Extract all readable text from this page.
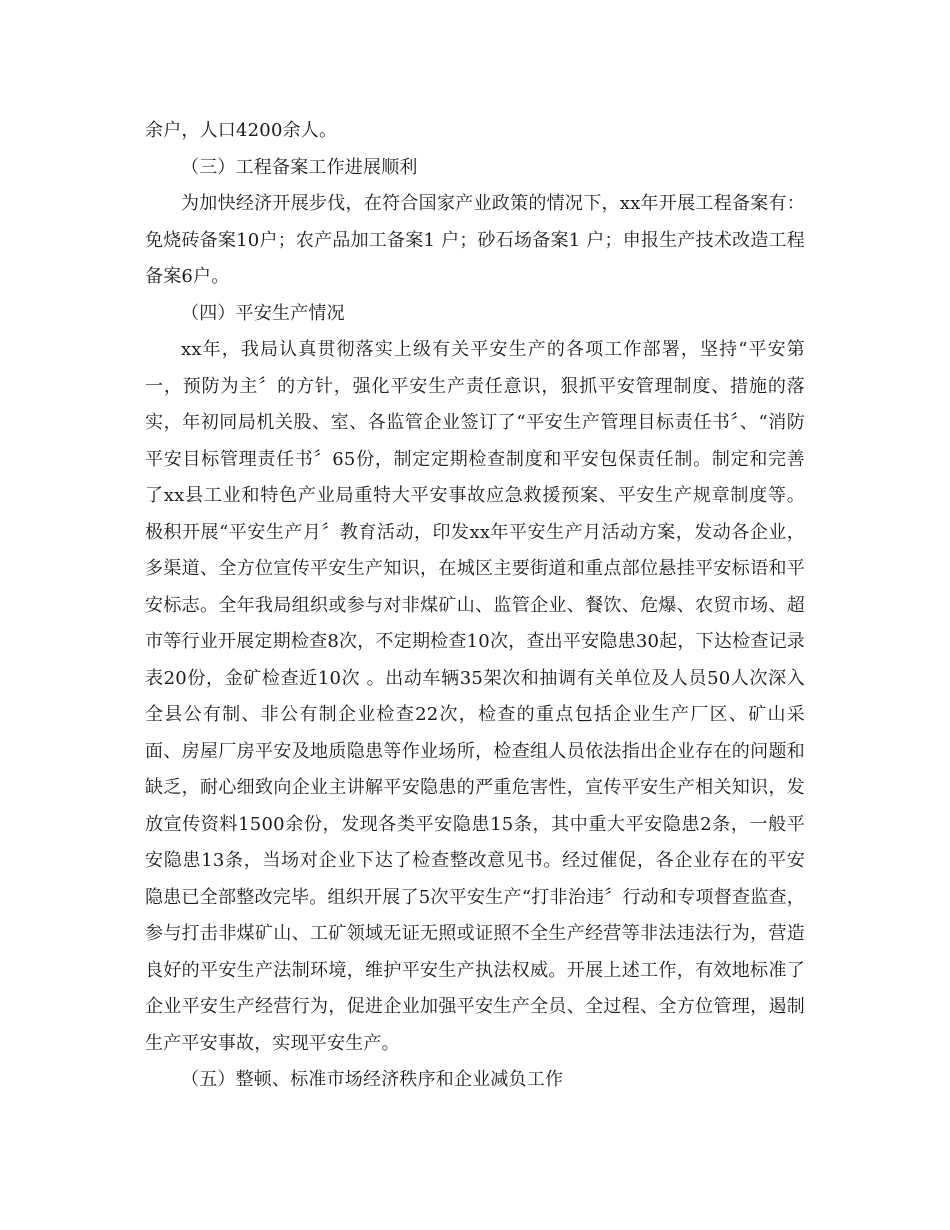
余户，人口4200余人。

（三）工程备案工作进展顺利

为加快经济开展步伐，在符合国家产业政策的情况下，xx年开展工程备案有：免烧砖备案10户；农产品加工备案1 户；砂石场备案1 户；申报生产技术改造工程备案6户。

（四）平安生产情况

xx年，我局认真贯彻落实上级有关平安生产的各项工作部署，坚持“平安第一，预防为主〞的方针，强化平安生产责任意识，狠抓平安管理制度、措施的落实，年初同局机关股、室、各监管企业签订了“平安生产管理目标责任书〞、“消防平安目标管理责任书〞65份，制定定期检查制度和平安包保责任制。制定和完善了xx县工业和特色产业局重特大平安事故应急救援预案、平安生产规章制度等。 极积开展“平安生产月〞教育活动，印发xx年平安生产月活动方案，发动各企业，多渠道、全方位宣传平安生产知识，在城区主要街道和重点部位悬挂平安标语和平安标志。全年我局组织或参与对非煤矿山、监管企业、餐饮、危爆、农贸市场、超市等行业开展定期检查8次，不定期检查10次，查出平安隐患30起，下达检查记录表20份，金矿检查近10次 。出动车辆35架次和抽调有关单位及人员50人次深入全县公有制、非公有制企业检查22次，检查的重点包括企业生产厂区、矿山采面、房屋厂房平安及地质隐患等作业场所，检查组人员依法指出企业存在的问题和缺乏，耐心细致向企业主讲解平安隐患的严重危害性，宣传平安生产相关知识，发放宣传资料1500余份，发现各类平安隐患15条，其中重大平安隐患2条，一般平安隐患13条，当场对企业下达了检查整改意见书。经过催促，各企业存在的平安隐患已全部整改完毕。组织开展了5次平安生产“打非治违〞行动和专项督查监查，参与打击非煤矿山、工矿领域无证无照或证照不全生产经营等非法违法行为，营造良好的平安生产法制环境，维护平安生产执法权威。开展上述工作，有效地标准了企业平安生产经营行为，促进企业加强平安生产全员、全过程、全方位管理，遏制生产平安事故，实现平安生产。

（五）整顿、标准市场经济秩序和企业减负工作
